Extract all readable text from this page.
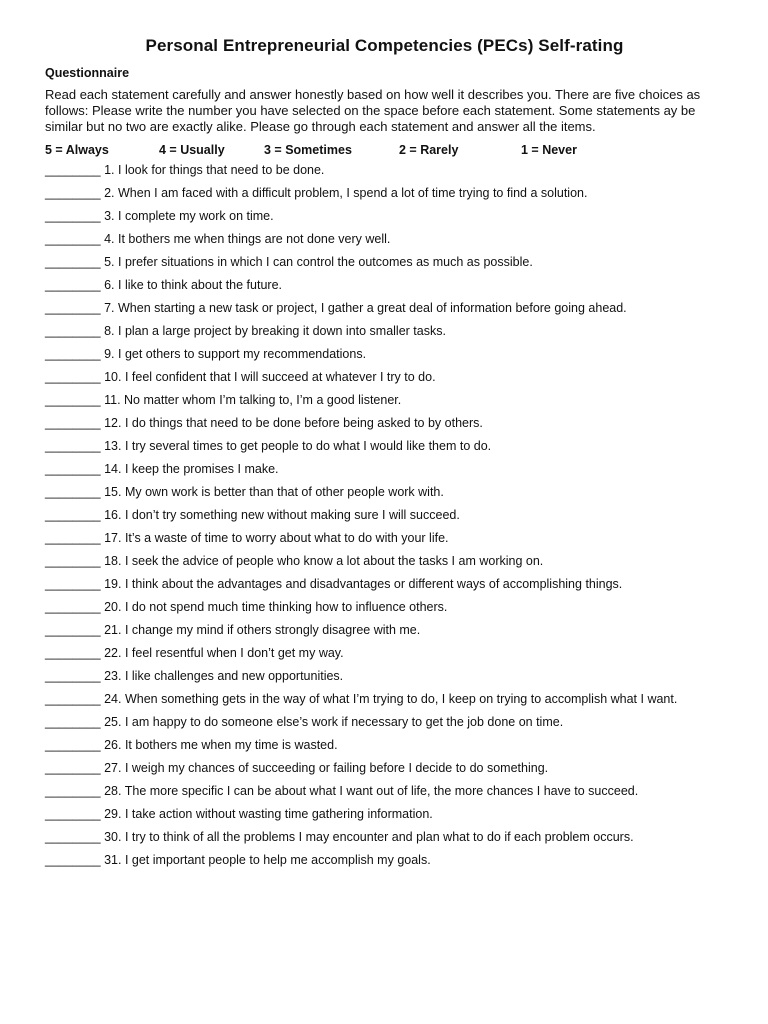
Personal Entrepreneurial Competencies (PECs) Self-rating
Questionnaire

Read each statement carefully and answer honestly based on how well it describes you. There are five choices as follows: Please write the number you have selected on the space before each statement. Some statements ay be similar but no two are exactly alike. Please go through each statement and answer all the items.

5 = Always	4 = Usually	3 = Sometimes	2 = Rarely	1 = Never
________ 1. I look for things that need to be done.
________ 2. When I am faced with a difficult problem, I spend a lot of time trying to find a solution.
________ 3. I complete my work on time.
________ 4. It bothers me when things are not done very well.
________ 5. I prefer situations in which I can control the outcomes as much as possible.
________ 6. I like to think about the future.
________ 7. When starting a new task or project, I gather a great deal of information before going ahead.
________ 8. I plan a large project by breaking it down into smaller tasks.
________ 9. I get others to support my recommendations.
________ 10. I feel confident that I will succeed at whatever I try to do.
________ 11. No matter whom I’m talking to, I’m a good listener.
________ 12. I do things that need to be done before being asked to by others.
________ 13. I try several times to get people to do what I would like them to do.
________ 14. I keep the promises I make.
________ 15. My own work is better than that of other people work with.
________ 16. I don’t try something new without making sure I will succeed.
________ 17. It’s a waste of time to worry about what to do with your life.
________ 18. I seek the advice of people who know a lot about the tasks I am working on.
________ 19. I think about the advantages and disadvantages or different ways of accomplishing things.
________ 20. I do not spend much time thinking how to influence others.
________ 21. I change my mind if others strongly disagree with me.
________ 22. I feel resentful when I don’t get my way.
________ 23. I like challenges and new opportunities.
________ 24. When something gets in the way of what I’m trying to do, I keep on trying to accomplish what I want.
________ 25. I am happy to do someone else’s work if necessary to get the job done on time.
________ 26. It bothers me when my time is wasted.
________ 27. I weigh my chances of succeeding or failing before I decide to do something.
________ 28. The more specific I can be about what I want out of life, the more chances I have to succeed.
________ 29. I take action without wasting time gathering information.
________ 30. I try to think of all the problems I may encounter and plan what to do if each problem occurs.
________ 31. I get important people to help me accomplish my goals.
